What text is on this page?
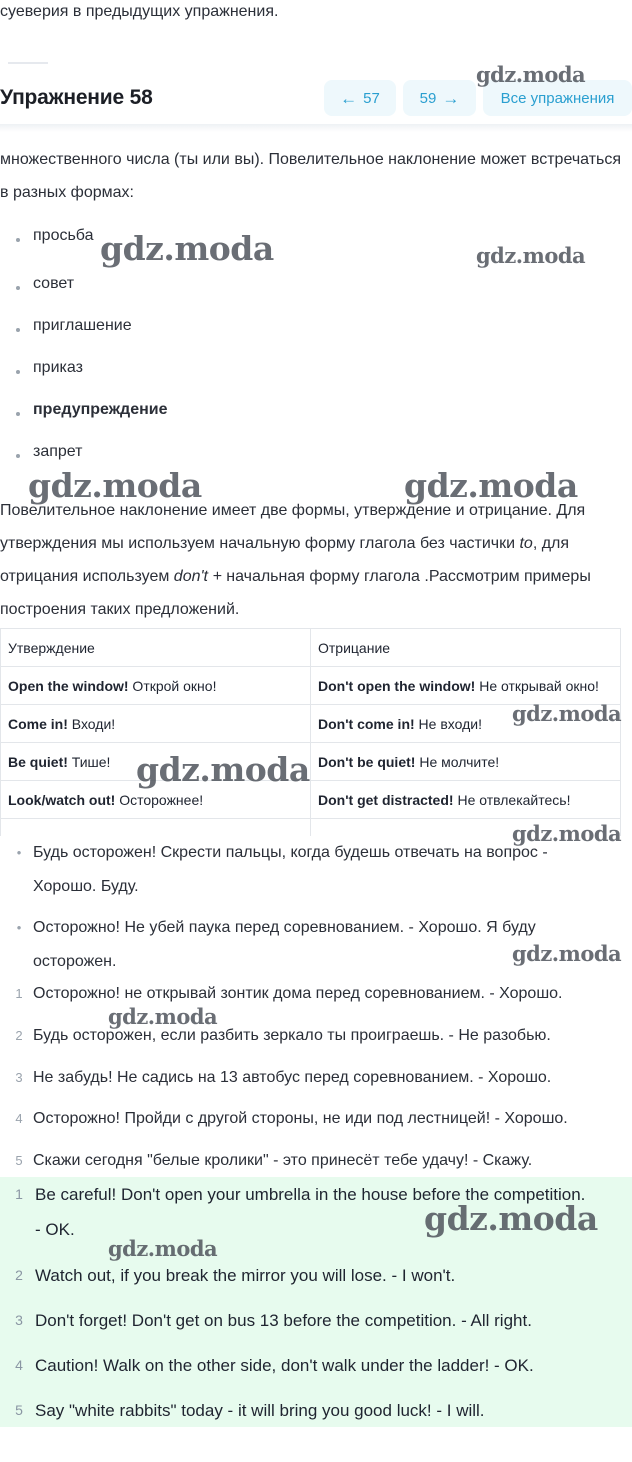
суеверия в предыдущих упражнения.
Упражнение 58	← 57	59 →	Все упражнения
множественного числа (ты или вы). Повелительное наклонение может встречаться в разных формах:
просьба
совет
приглашение
приказ
предупреждение
запрет
Повелительное наклонение имеет две формы, утверждение и отрицание. Для утверждения мы используем начальную форму глагола без частички to, для отрицания используем don't + начальная форму глагола .Рассмотрим примеры построения таких предложений.
Утверждение	Отрицание
Open the window! Открой окно!	Don't open the window! Не открывай окно!
Come in! Входи!	Don't come in! Не входи!
Be quiet! Тише!	Don't be quiet! Не молчите!
Look/watch out! Осторожнее!	Don't get distracted! Не отвлекайтесь!

• Будь осторожен! Скрести пальцы, когда будешь отвечать на вопрос - Хорошо. Буду.
• Осторожно! Не убей паука перед соревнованием. - Хорошо. Я буду осторожен.
1 Осторожно! не открывай зонтик дома перед соревнованием. - Хорошо.
2 Будь осторожен, если разбить зеркало ты проиграешь. - Не разобью.
3 Не забудь! Не садись на 13 автобус перед соревнованием. - Хорошо.
4 Осторожно! Пройди с другой стороны, не иди под лестницей! - Хорошо.
5 Скажи сегодня "белые кролики" - это принесёт тебе удачу! - Скажу.
1 Be careful! Don't open your umbrella in the house before the competition. - OK.
2 Watch out, if you break the mirror you will lose. - I won't.
3 Don't forget! Don't get on bus 13 before the competition. - All right.
4 Caution! Walk on the other side, don't walk under the ladder! - OK.
5 Say "white rabbits" today - it will bring you good luck! - I will.
gdz.moda
gdz.moda	gdz.moda
gdz.moda	gdz.moda
gdz.moda
gdz.moda
gdz.moda
gdz.moda
gdz.moda
gdz.moda
gdz.moda
